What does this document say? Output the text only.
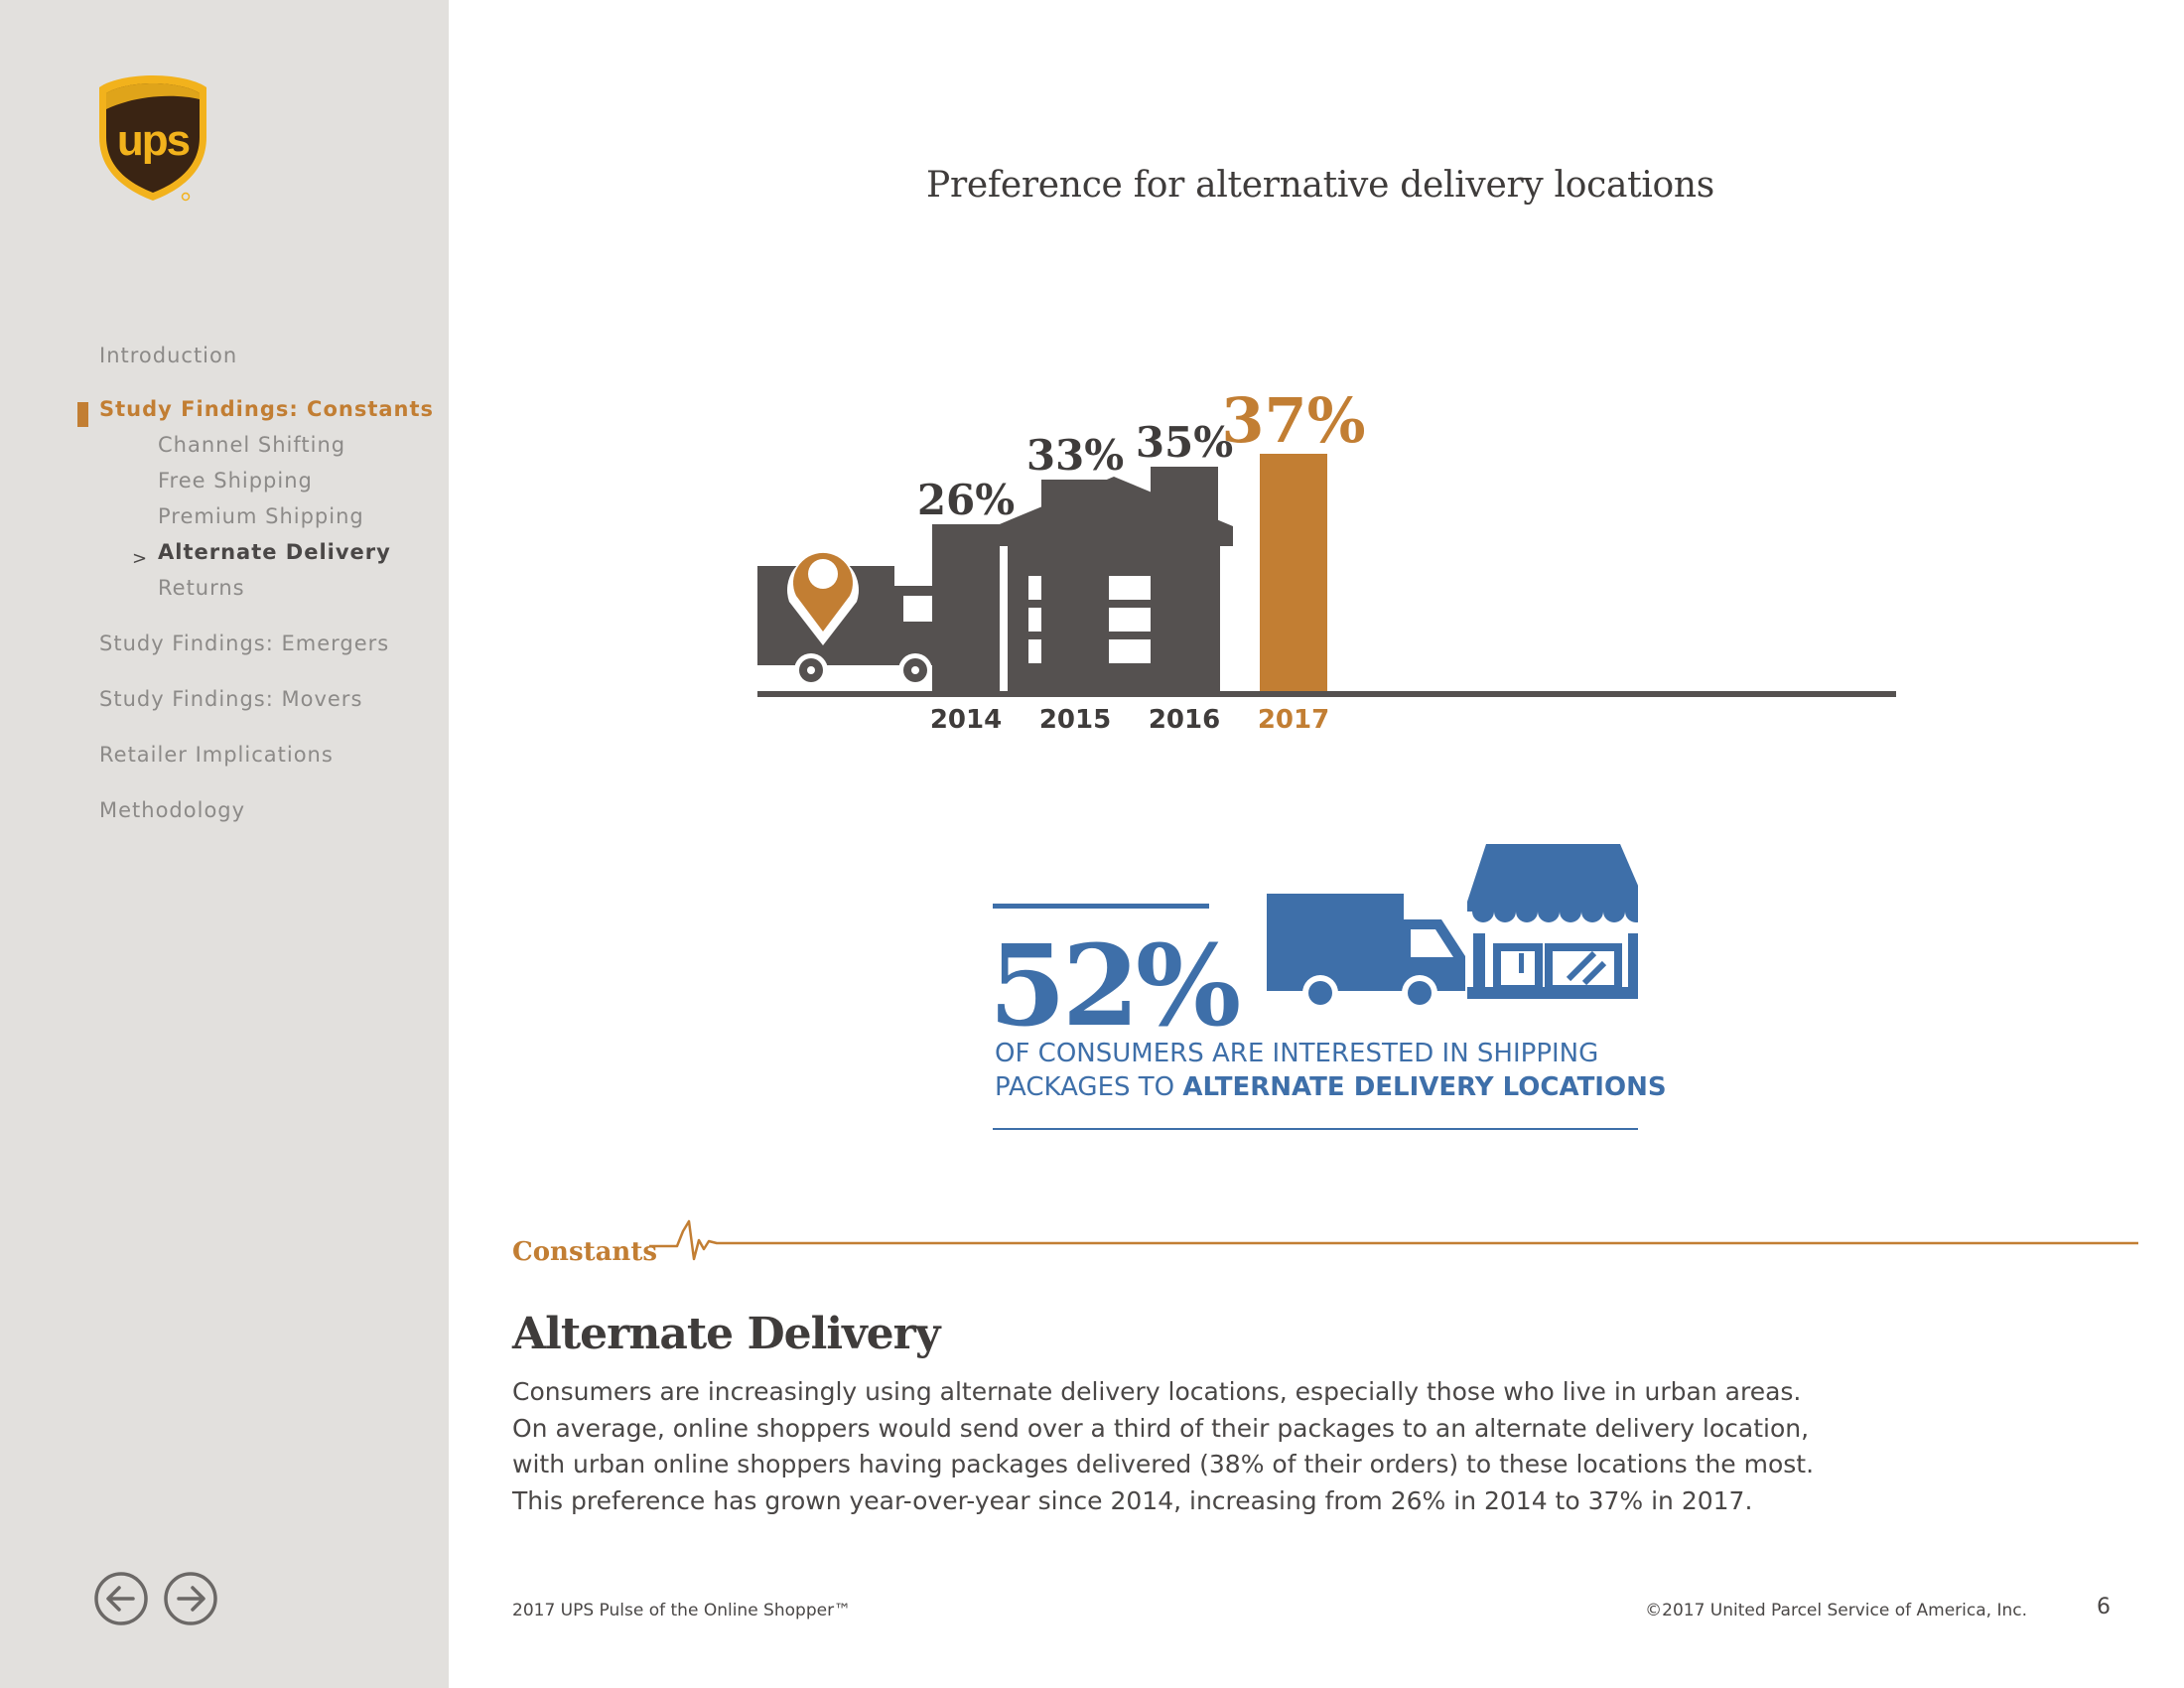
ups

Introduction

Study Findings: Constants

Channel Shifting

Free Shipping

Premium Shipping

> Alternate Delivery

Returns

Study Findings: Emergers

Study Findings: Movers

Retailer Implications

Methodology

Preference for alternative delivery locations

26%
2014
33%
2015
35%
2016
37%
2017

52%

OF CONSUMERS ARE INTERESTED IN SHIPPING

PACKAGES TO ALTERNATE DELIVERY LOCATIONS

Constants

Alternate Delivery

Consumers are increasingly using alternate delivery locations, especially those who live in urban areas.
On average, online shoppers would send over a third of their packages to an alternate delivery location,
with urban online shoppers having packages delivered (38% of their orders) to these locations the most.
This preference has grown year-over-year since 2014, increasing from 26% in 2014 to 37% in 2017.

2017 UPS Pulse of the Online Shopper™	©2017 United Parcel Service of America, Inc.	6
